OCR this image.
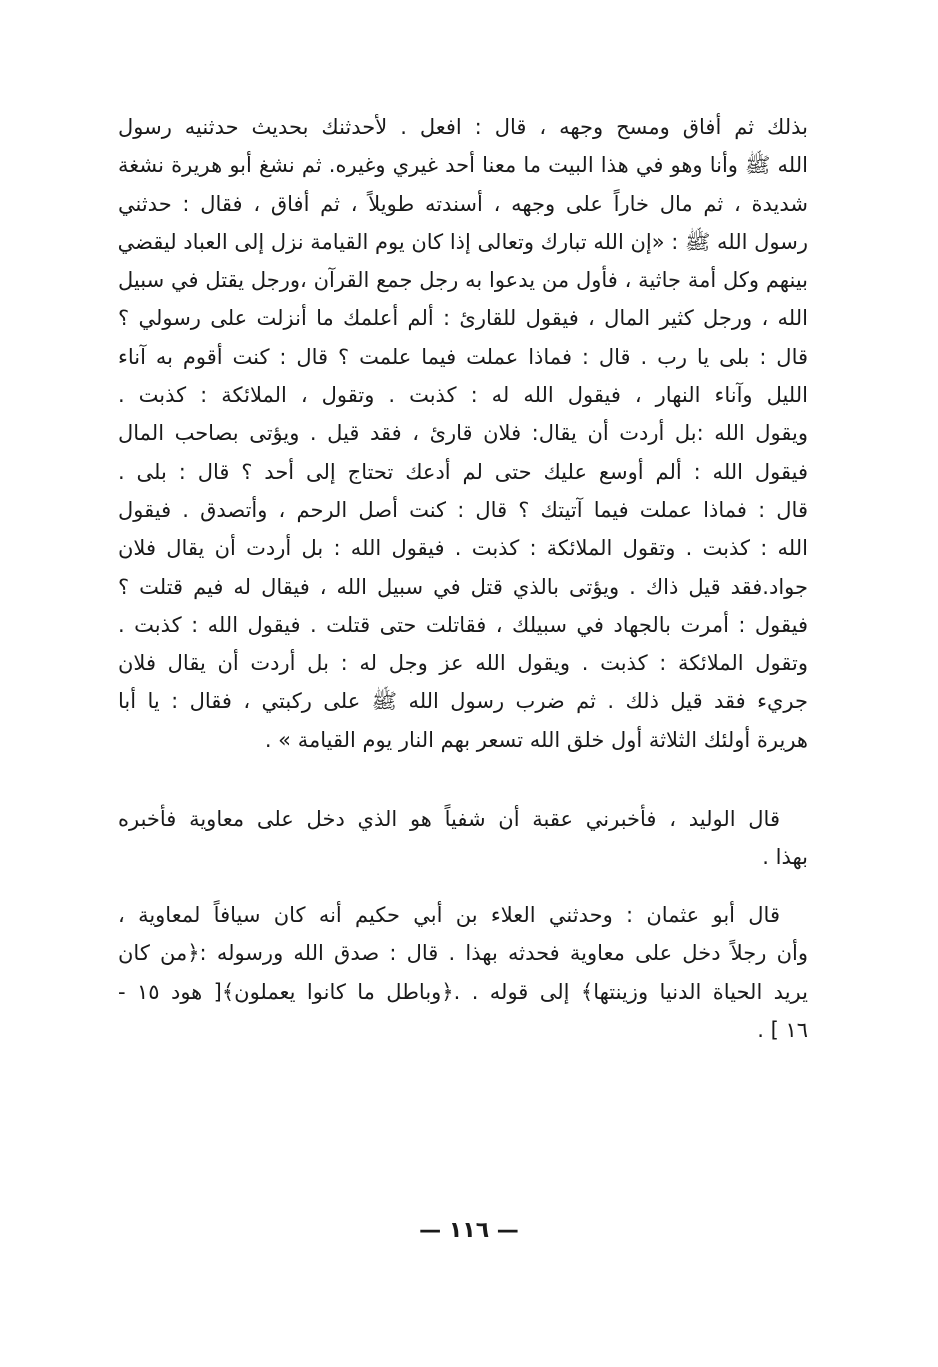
بذلك ثم أفاق ومسح وجهه ، قال : افعل . لأحدثنك بحديث حدثنيه رسول
الله ﷺ وأنا وهو في هذا البيت ما معنا أحد غيري وغيره. ثم نشغ أبو هريرة نشغة
شديدة ، ثم مال خاراً على وجهه ، أسندته طويلاً ، ثم أفاق ، فقال : حدثني
رسول الله ﷺ : «إن الله تبارك وتعالى إذا كان يوم القيامة نزل إلى العباد ليقضي
بينهم وكل أمة جاثية ، فأول من يدعوا به رجل جمع القرآن ،ورجل يقتل في سبيل
الله ، ورجل كثير المال ، فيقول للقارئ : ألم أعلمك ما أنزلت على رسولي ؟
قال : بلى يا رب . قال : فماذا عملت فيما علمت ؟ قال : كنت أقوم به آناء
الليل وآناء النهار ، فيقول الله له : كذبت . وتقول ، الملائكة : كذبت .
ويقول الله :بل أردت أن يقال: فلان قارئ ، فقد قيل . ويؤتى بصاحب المال
فيقول الله : ألم أوسع عليك حتى لم أدعك تحتاج إلى أحد ؟ قال : بلى .
قال : فماذا عملت فيما آتيتك ؟ قال : كنت أصل الرحم ، وأتصدق . فيقول
الله : كذبت . وتقول الملائكة : كذبت . فيقول الله : بل أردت أن يقال فلان
جواد.فقد قيل ذاك . ويؤتى بالذي قتل في سبيل الله ، فيقال له فيم قتلت ؟
فيقول : أمرت بالجهاد في سبيلك ، فقاتلت حتى قتلت . فيقول الله : كذبت .
وتقول الملائكة : كذبت . ويقول الله عز وجل له : بل أردت أن يقال فلان
جريء فقد قيل ذلك . ثم ضرب رسول الله ﷺ على ركبتي ، فقال : يا أبا
هريرة أولئك الثلاثة أول خلق الله تسعر بهم النار يوم القيامة » .
قال الوليد ، فأخبرني عقبة أن شفياً هو الذي دخل على معاوية فأخبره
بهذا .
قال أبو عثمان : وحدثني العلاء بن أبي حكيم أنه كان سيافاً لمعاوية ،
وأن رجلاً دخل على معاوية فحدثه بهذا . قال : صدق الله ورسوله :﴿من كان
يريد الحياة الدنيا وزينتها﴾ إلى قوله . .﴿وباطل ما كانوا يعملون﴾[ هود ١٥ -
١٦ ] .
— ١١٦ —
